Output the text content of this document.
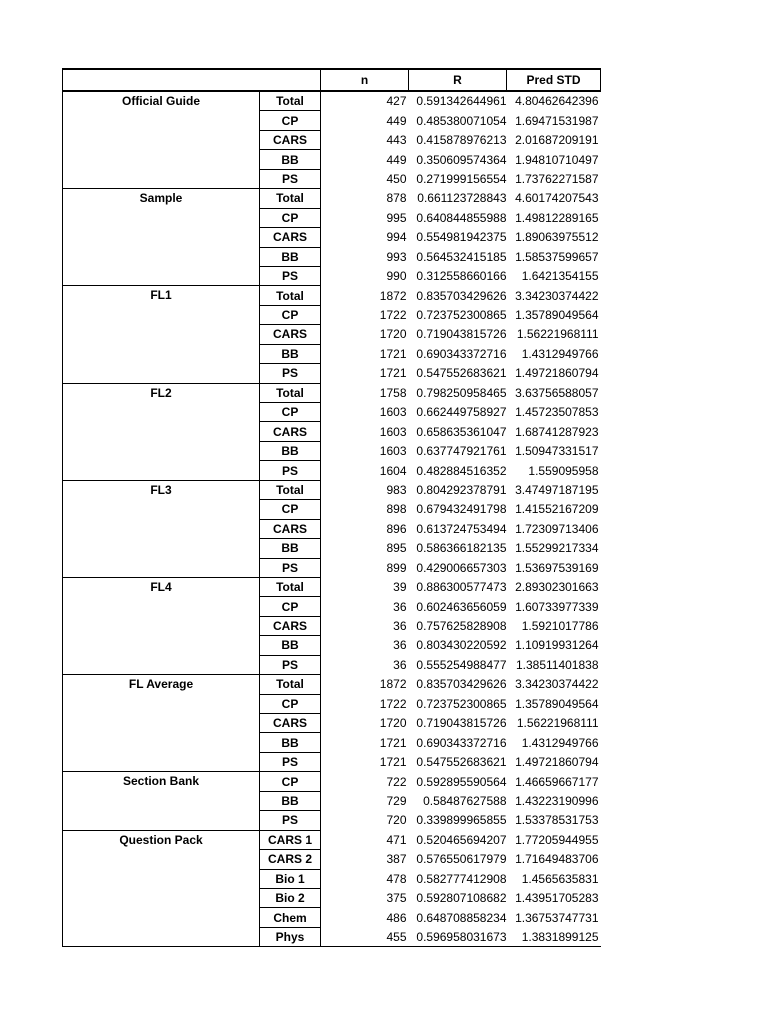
		n	R	Pred STD
Official Guide	Total	427	0.591342644961	4.80462642396
	CP	449	0.485380071054	1.69471531987
	CARS	443	0.415878976213	2.01687209191
	BB	449	0.350609574364	1.94810710497
	PS	450	0.271999156554	1.73762271587
Sample	Total	878	0.661123728843	4.60174207543
	CP	995	0.640844855988	1.49812289165
	CARS	994	0.554981942375	1.89063975512
	BB	993	0.564532415185	1.58537599657
	PS	990	0.312558660166	1.6421354155
FL1	Total	1872	0.835703429626	3.34230374422
	CP	1722	0.723752300865	1.35789049564
	CARS	1720	0.719043815726	1.56221968111
	BB	1721	0.690343372716	1.4312949766
	PS	1721	0.547552683621	1.49721860794
FL2	Total	1758	0.798250958465	3.63756588057
	CP	1603	0.662449758927	1.45723507853
	CARS	1603	0.658635361047	1.68741287923
	BB	1603	0.637747921761	1.50947331517
	PS	1604	0.482884516352	1.559095958
FL3	Total	983	0.804292378791	3.47497187195
	CP	898	0.679432491798	1.41552167209
	CARS	896	0.613724753494	1.72309713406
	BB	895	0.586366182135	1.55299217334
	PS	899	0.429006657303	1.53697539169
FL4	Total	39	0.886300577473	2.89302301663
	CP	36	0.602463656059	1.60733977339
	CARS	36	0.757625828908	1.5921017786
	BB	36	0.803430220592	1.10919931264
	PS	36	0.555254988477	1.38511401838
FL Average	Total	1872	0.835703429626	3.34230374422
	CP	1722	0.723752300865	1.35789049564
	CARS	1720	0.719043815726	1.56221968111
	BB	1721	0.690343372716	1.4312949766
	PS	1721	0.547552683621	1.49721860794
Section Bank	CP	722	0.592895590564	1.46659667177
	BB	729	0.58487627588	1.43223190996
	PS	720	0.339899965855	1.53378531753
Question Pack	CARS 1	471	0.520465694207	1.77205944955
	CARS 2	387	0.576550617979	1.71649483706
	Bio 1	478	0.582777412908	1.4565635831
	Bio 2	375	0.592807108682	1.43951705283
	Chem	486	0.648708858234	1.36753747731
	Phys	455	0.596958031673	1.3831899125
